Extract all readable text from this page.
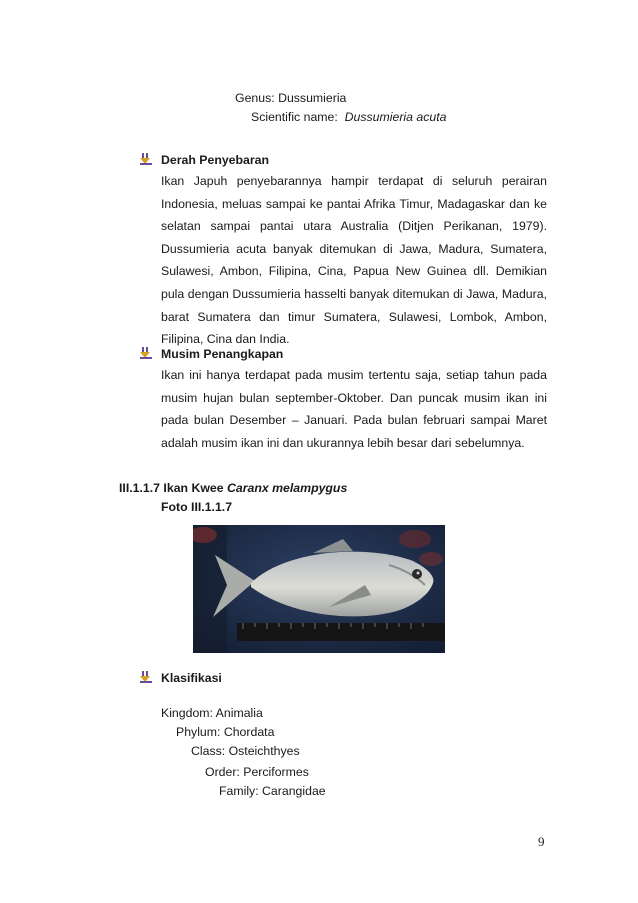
Genus: Dussumieria
Scientific name: Dussumieria acuta
Derah Penyebaran
Ikan Japuh penyebarannya hampir terdapat di seluruh perairan Indonesia, meluas sampai ke pantai Afrika Timur, Madagaskar dan ke selatan sampai pantai utara Australia (Ditjen Perikanan, 1979). Dussumieria acuta banyak ditemukan di Jawa, Madura, Sumatera, Sulawesi, Ambon, Filipina, Cina, Papua New Guinea dll. Demikian pula dengan Dussumieria hasselti banyak ditemukan di Jawa, Madura, barat Sumatera dan timur Sumatera, Sulawesi, Lombok, Ambon, Filipina, Cina dan India.
Musim Penangkapan
Ikan ini hanya terdapat pada musim tertentu saja, setiap tahun pada musim hujan bulan september-Oktober. Dan puncak musim ikan ini pada bulan Desember – Januari. Pada bulan februari sampai Maret adalah musim ikan ini dan ukurannya lebih besar dari sebelumnya.
III.1.1.7 Ikan Kwee Caranx melampygus
Foto III.1.1.7
Klasifikasi
Kingdom: Animalia
Phylum: Chordata
Class: Osteichthyes
Order: Perciformes
Family: Carangidae
9
